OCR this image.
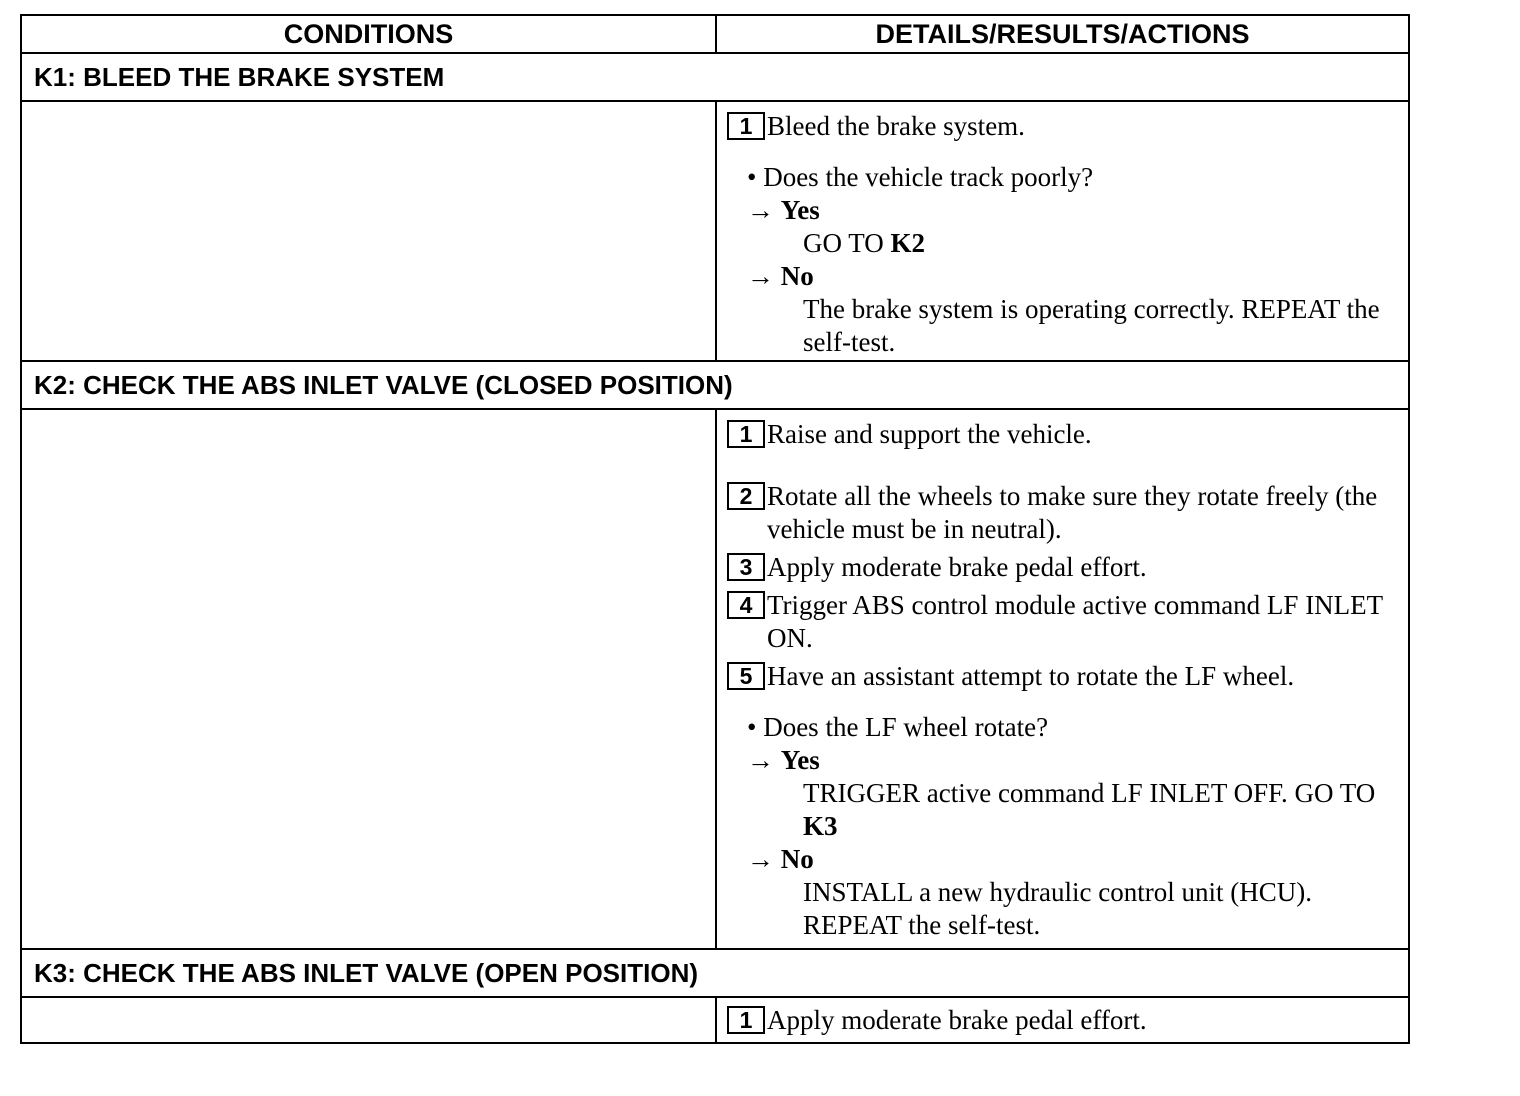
CONDITIONS	DETAILS/RESULTS/ACTIONS
K1: BLEED THE BRAKE SYSTEM
1 Bleed the brake system.
• Does the vehicle track poorly?
→ Yes
GO TO K2
→ No
The brake system is operating correctly. REPEAT the self-test.
K2: CHECK THE ABS INLET VALVE (CLOSED POSITION)
1 Raise and support the vehicle.
2 Rotate all the wheels to make sure they rotate freely (the vehicle must be in neutral).
3 Apply moderate brake pedal effort.
4 Trigger ABS control module active command LF INLET ON.
5 Have an assistant attempt to rotate the LF wheel.
• Does the LF wheel rotate?
→ Yes
TRIGGER active command LF INLET OFF. GO TO K3
→ No
INSTALL a new hydraulic control unit (HCU). REPEAT the self-test.
K3: CHECK THE ABS INLET VALVE (OPEN POSITION)
1 Apply moderate brake pedal effort.
